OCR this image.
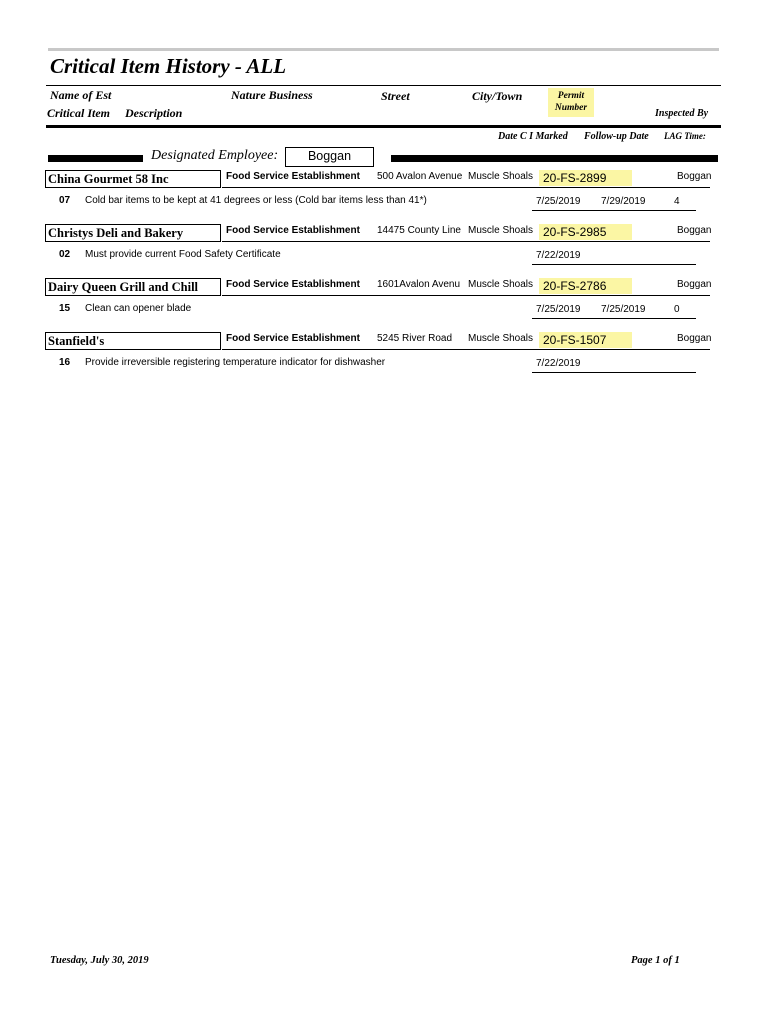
Critical Item History - ALL
Name of Est
Critical Item Description
Nature Business	Street	City/Town	Permit
Number	Inspected By
Date C I Marked Follow-up Date LAG Time:
Designated Employee:	Boggan
China Gourmet 58 Inc	Food Service Establishment 500 Avalon Avenue Muscle Shoals 20-FS-2899	Boggan
07 Cold bar items to be kept at 41 degrees or less (Cold bar items less than 41*)	7/25/2019 7/29/2019	4
Christys Deli and Bakery	Food Service Establishment 14475 County Line Muscle Shoals 20-FS-2985	Boggan
02 Must provide current Food Safety Certificate	7/22/2019
Dairy Queen Grill and Chill	Food Service Establishment 1601Avalon Avenu Muscle Shoals 20-FS-2786	Boggan
15 Clean can opener blade	7/25/2019 7/25/2019	0
Stanfield's	Food Service Establishment 5245 River Road Muscle Shoals 20-FS-1507	Boggan
16 Provide irreversible registering temperature indicator for dishwasher	7/22/2019
Tuesday, July 30, 2019	Page 1 of 1
